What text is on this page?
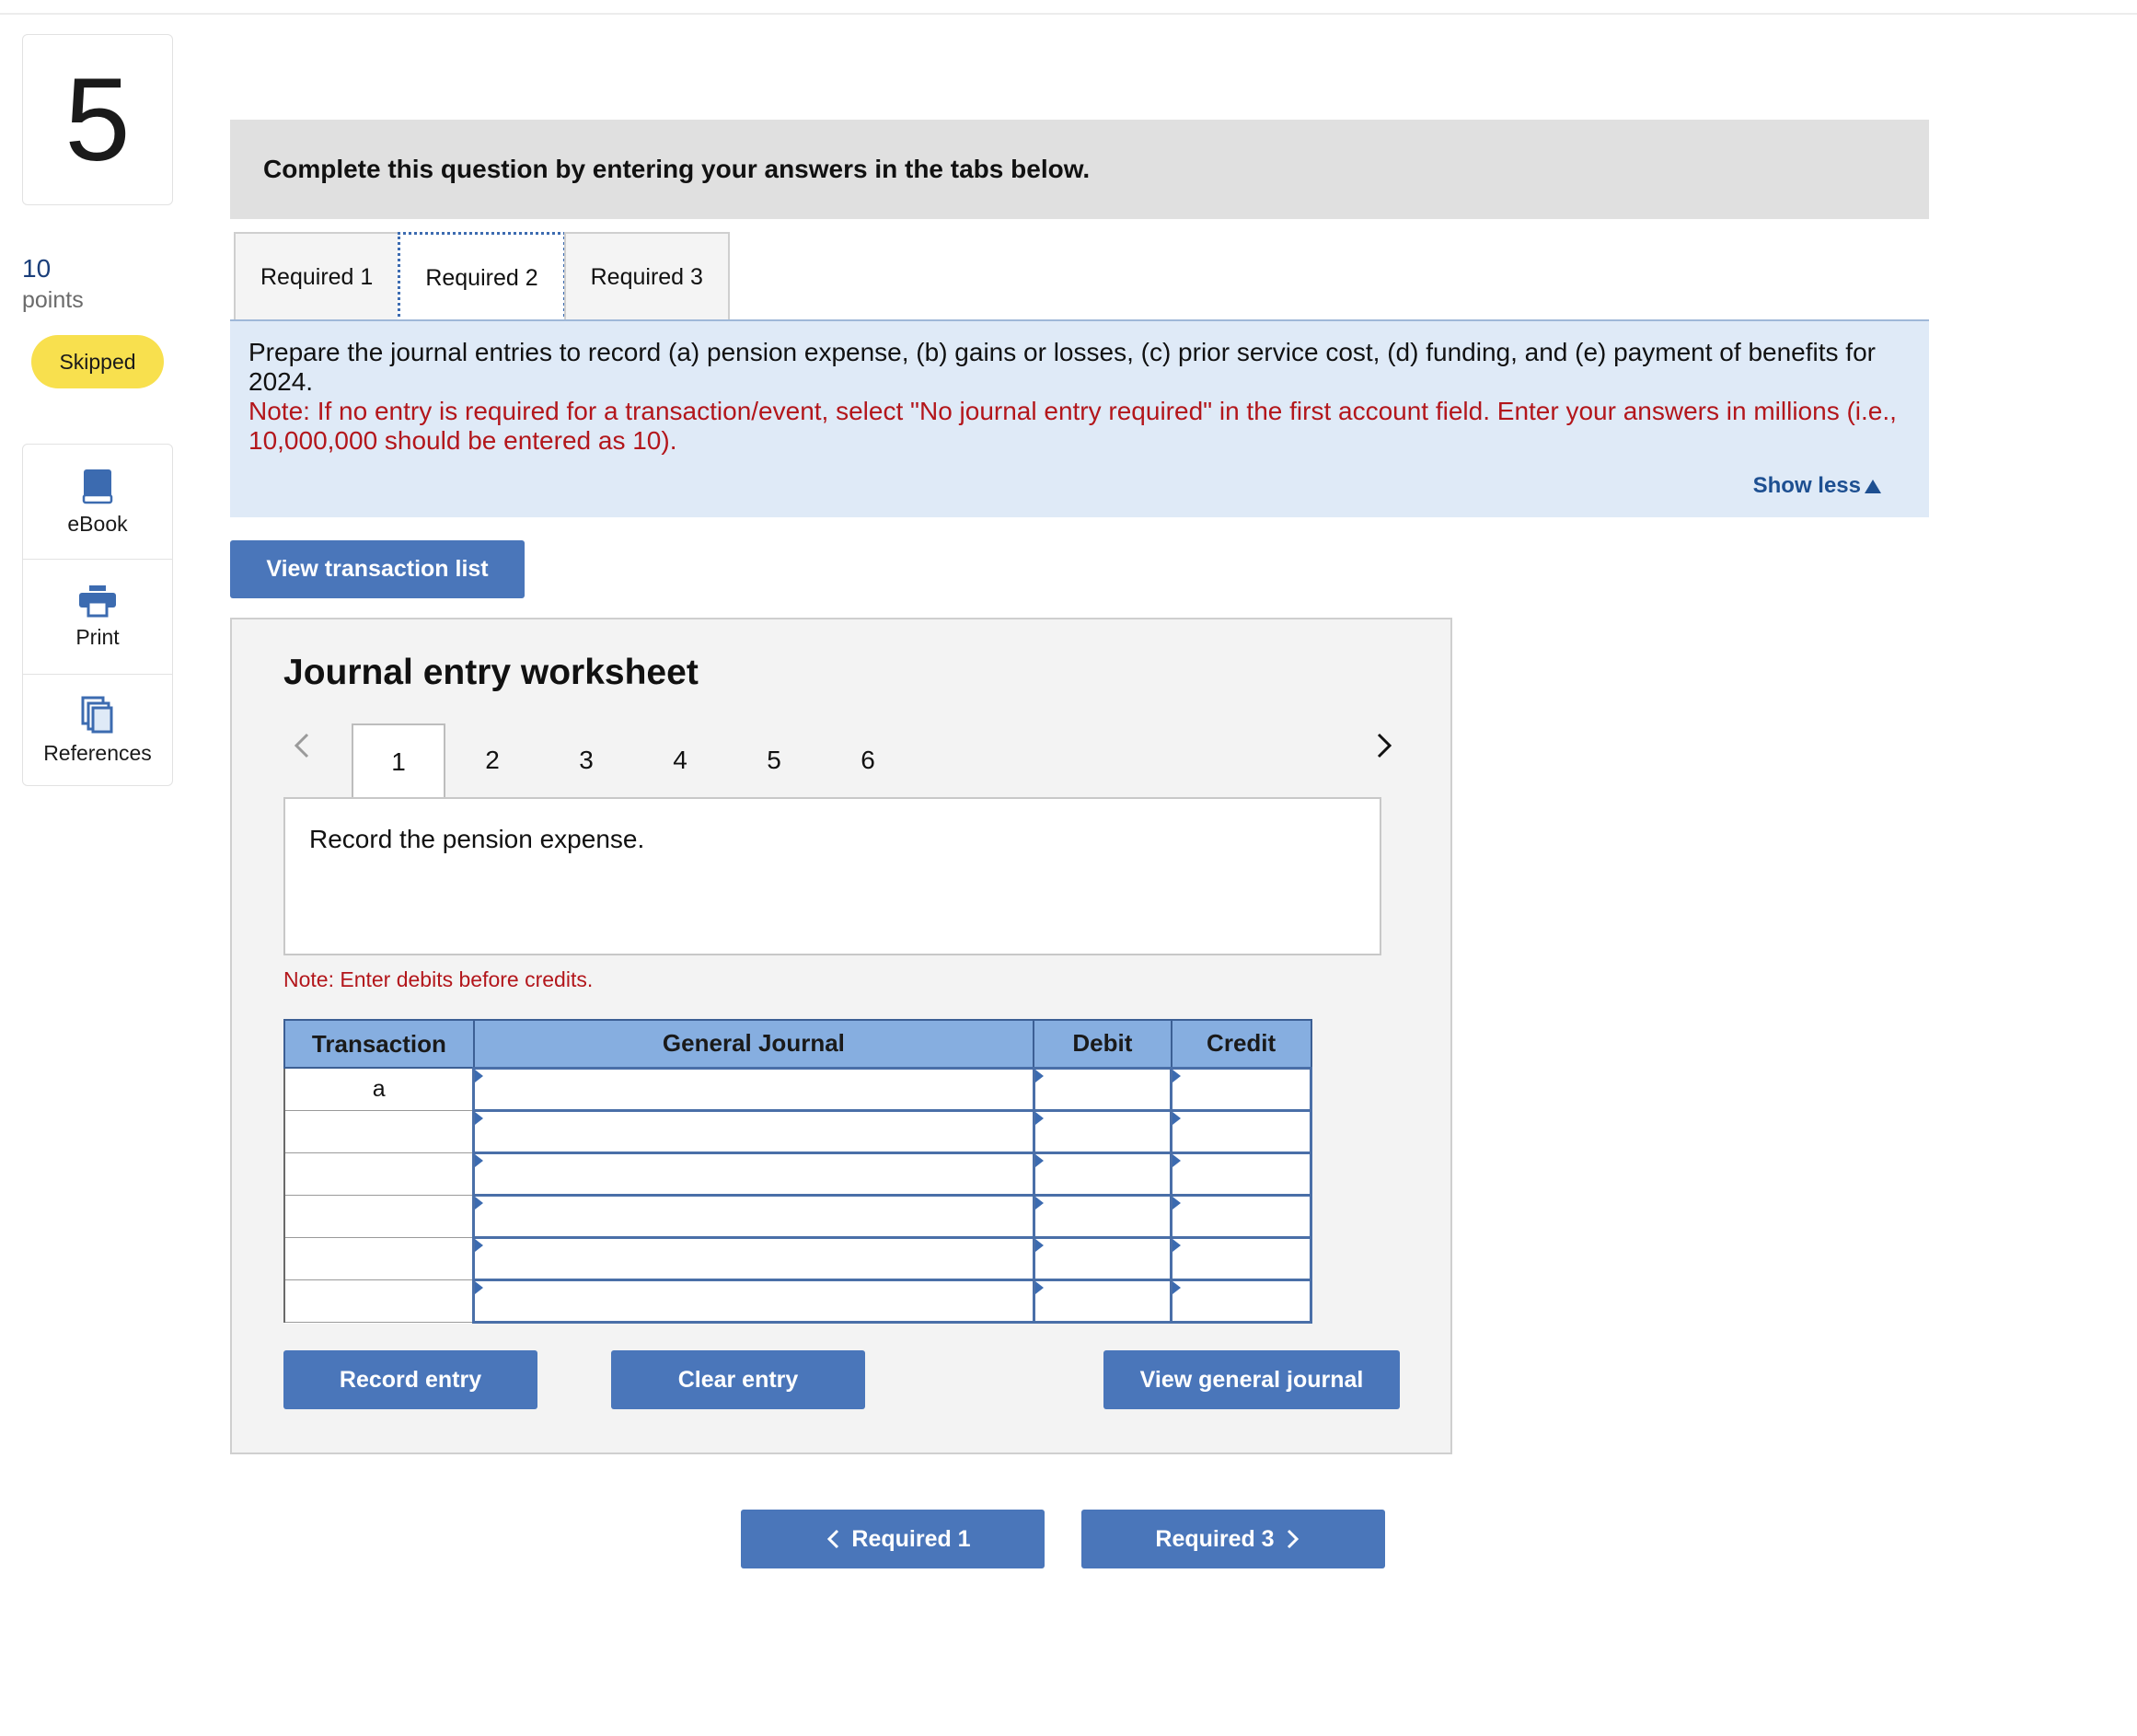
5
10
points
Skipped
eBook
Print
References
Complete this question by entering your answers in the tabs below.
Required 1	Required 2	Required 3
Prepare the journal entries to record (a) pension expense, (b) gains or losses, (c) prior service cost, (d) funding, and (e) payment of benefits for 2024.
Note: If no entry is required for a transaction/event, select "No journal entry required" in the first account field. Enter your answers in millions (i.e., 10,000,000 should be entered as 10).
Show less
View transaction list
Journal entry worksheet
1	2	3	4	5	6
Record the pension expense.
Note: Enter debits before credits.
Transaction	General Journal	Debit	Credit
a			

Record entry	Clear entry	View general journal
Required 1	Required 3
